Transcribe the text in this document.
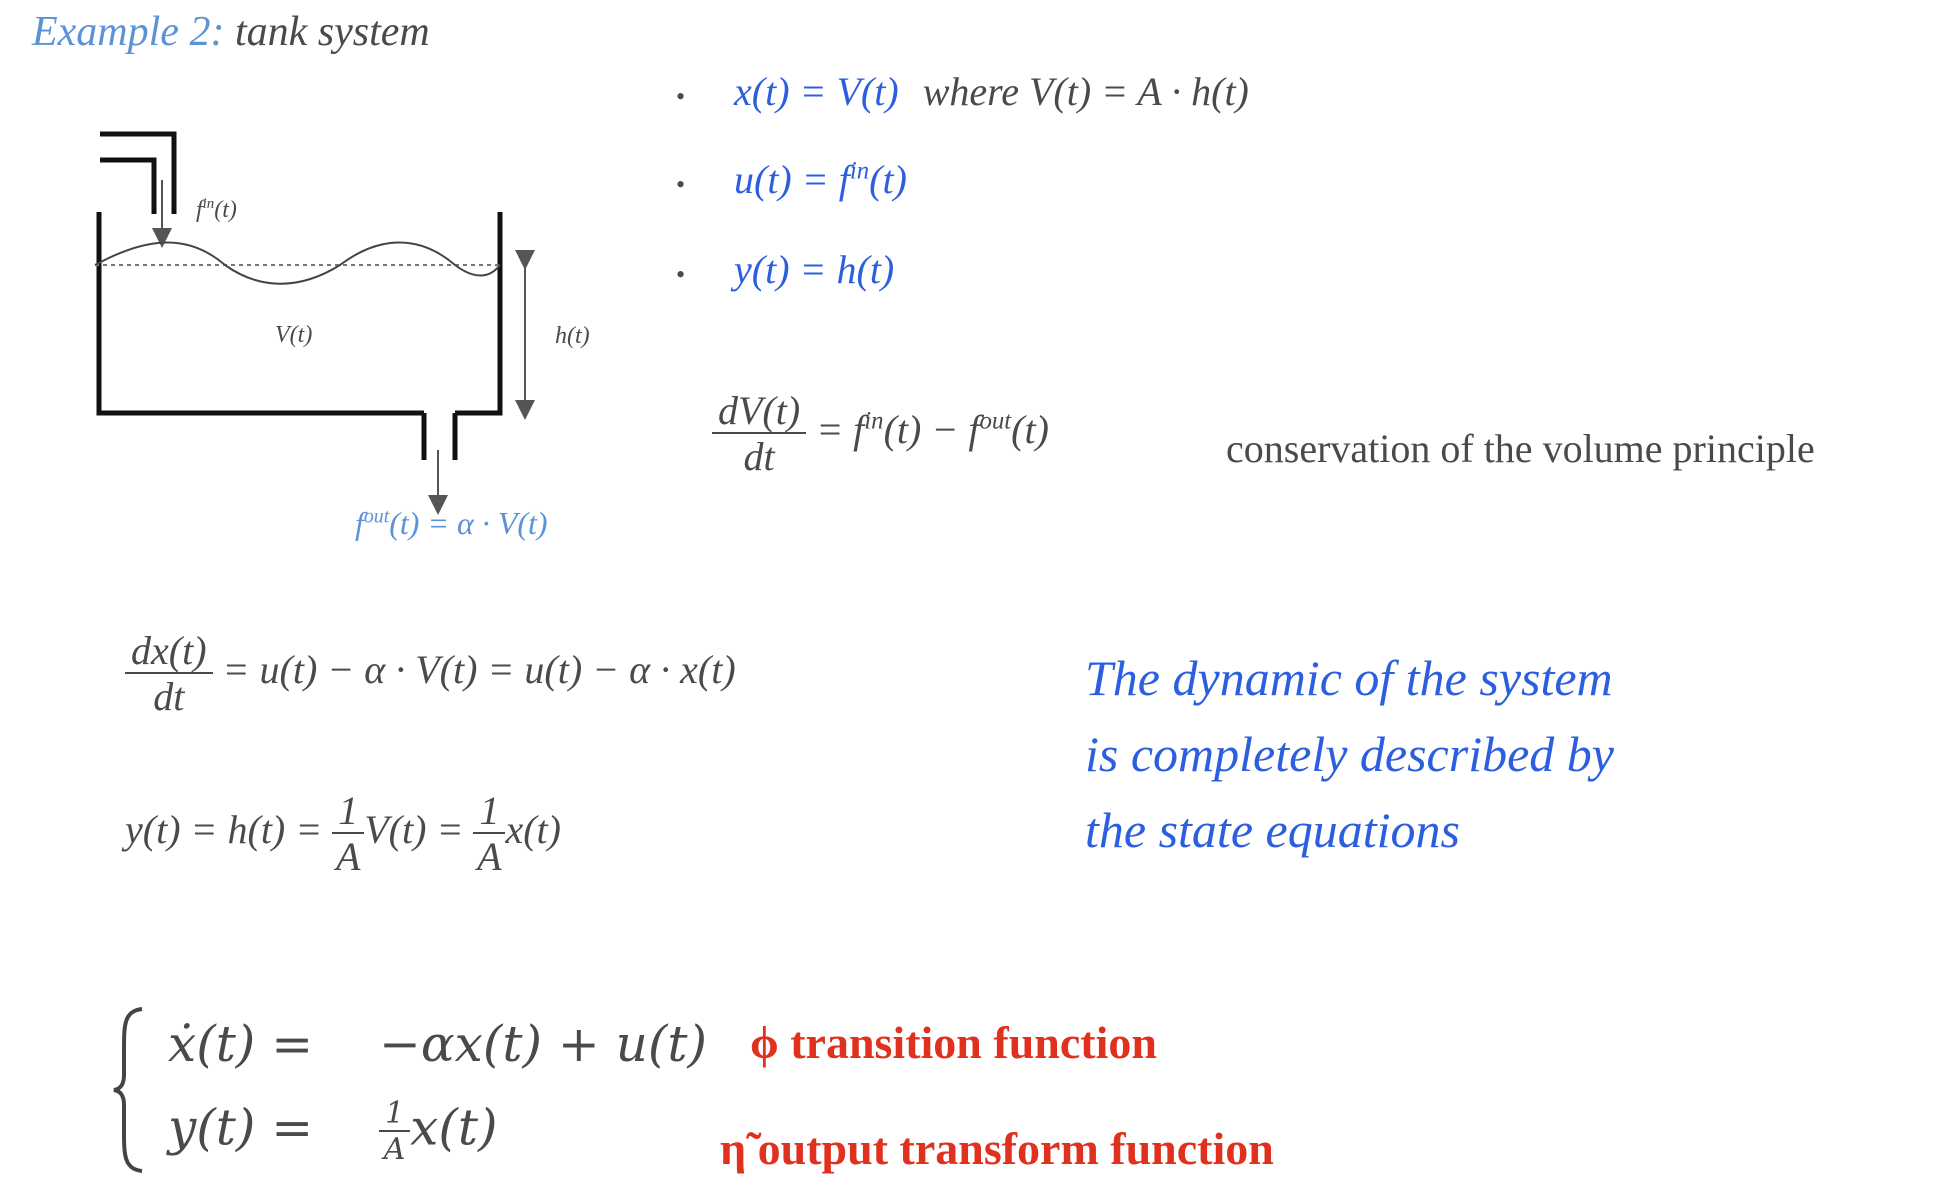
Example 2: tank system
$f^{in}(t)$
V(t)	h(t)
$f^{out}(t) = \alpha \cdot V(t)$
• x(t) = V(t) where V(t) = A · h(t)
• $u(t) = f^{in}(t)$
• y(t) = h(t)
$\frac{dV(t)}{dt} = f^{in}(t) - f^{out}(t)$	conservation of the volume principle
$\frac{dx(t)}{dt} = u(t) - \alpha \cdot V(t) = u(t) - \alpha \cdot x(t)$
$y(t) = h(t) = \frac{1}{A} V(t) = \frac{1}{A} x(t)$
The dynamic of the system
is completely described by
the state equations
ẋ(t) = −αx(t) + u(t)
$y(t) = \frac{1}{A} x(t)$
ϕ transition function
η̃ output transform function
